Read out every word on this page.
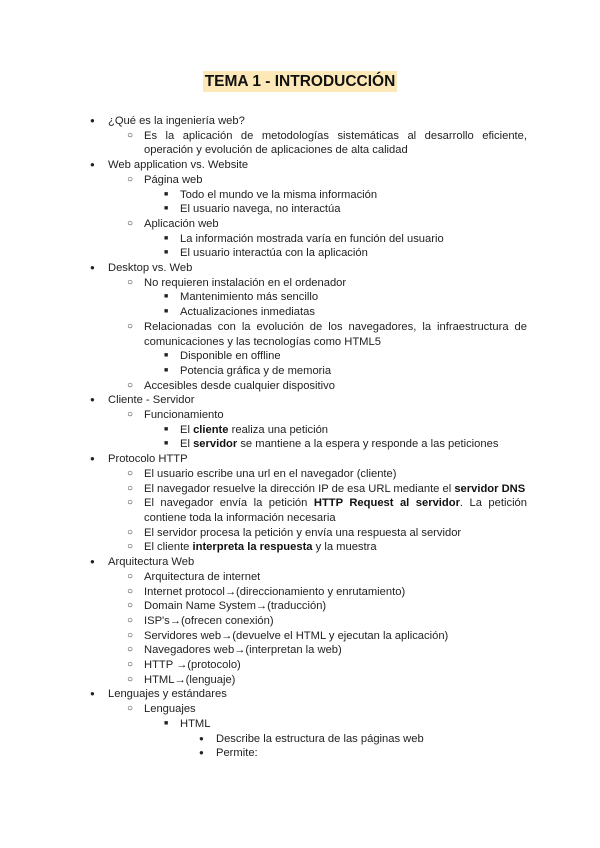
TEMA 1 - INTRODUCCIÓN
● ¿Qué es la ingeniería web?
○ Es la aplicación de metodologías sistemáticas al desarrollo eficiente, operación y evolución de aplicaciones de alta calidad
● Web application vs. Website
○ Página web
■ Todo el mundo ve la misma información
■ El usuario navega, no interactúa
○ Aplicación web
■ La información mostrada varía en función del usuario
■ El usuario interactúa con la aplicación
● Desktop vs. Web
○ No requieren instalación en el ordenador
■ Mantenimiento más sencillo
■ Actualizaciones inmediatas
○ Relacionadas con la evolución de los navegadores, la infraestructura de comunicaciones y las tecnologías como HTML5
■ Disponible en offline
■ Potencia gráfica y de memoria
○ Accesibles desde cualquier dispositivo
● Cliente - Servidor
○ Funcionamiento
■ El cliente realiza una petición
■ El servidor se mantiene a la espera y responde a las peticiones
● Protocolo HTTP
○ El usuario escribe una url en el navegador (cliente)
○ El navegador resuelve la dirección IP de esa URL mediante el servidor DNS
○ El navegador envía la petición HTTP Request al servidor. La petición contiene toda la información necesaria
○ El servidor procesa la petición y envía una respuesta al servidor
○ El cliente interpreta la respuesta y la muestra
● Arquitectura Web
○ Arquitectura de internet
○ Internet protocol→(direccionamiento y enrutamiento)
○ Domain Name System→(traducción)
○ ISP's→(ofrecen conexión)
○ Servidores web→(devuelve el HTML y ejecutan la aplicación)
○ Navegadores web→(interpretan la web)
○ HTTP →(protocolo)
○ HTML→(lenguaje)
● Lenguajes y estándares
○ Lenguajes
■ HTML
● Describe la estructura de las páginas web
● Permite:
